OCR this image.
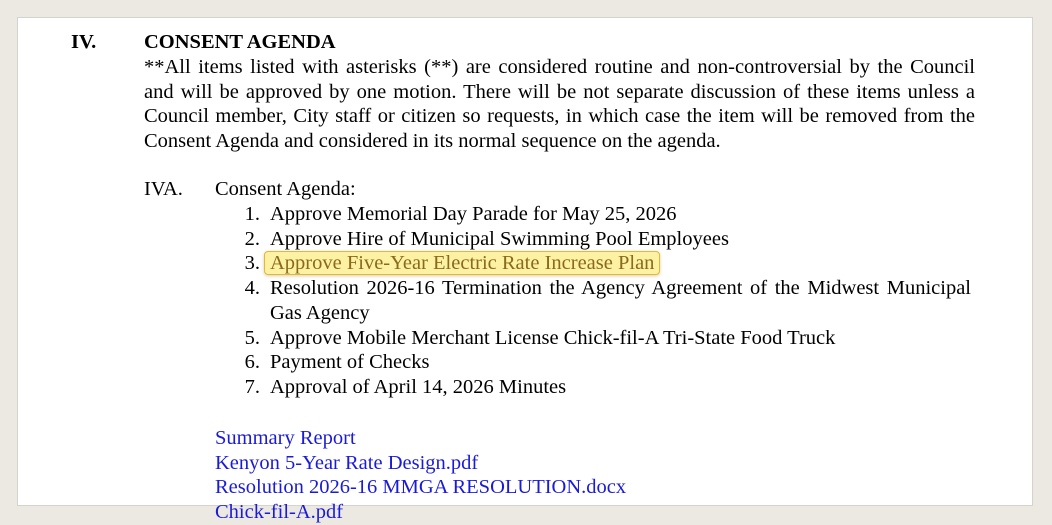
IV. CONSENT AGENDA
**All items listed with asterisks (**) are considered routine and non-controversial by the Council and will be approved by one motion. There will be not separate discussion of these items unless a Council member, City staff or citizen so requests, in which case the item will be removed from the Consent Agenda and considered in its normal sequence on the agenda.
IVA. Consent Agenda:
1. Approve Memorial Day Parade for May 25, 2026
2. Approve Hire of Municipal Swimming Pool Employees
3. Approve Five-Year Electric Rate Increase Plan
4. Resolution 2026-16 Termination the Agency Agreement of the Midwest Municipal Gas Agency
5. Approve Mobile Merchant License Chick-fil-A Tri-State Food Truck
6. Payment of Checks
7. Approval of April 14, 2026 Minutes
Summary Report
Kenyon 5-Year Rate Design.pdf
Resolution 2026-16 MMGA RESOLUTION.docx
Chick-fil-A.pdf
